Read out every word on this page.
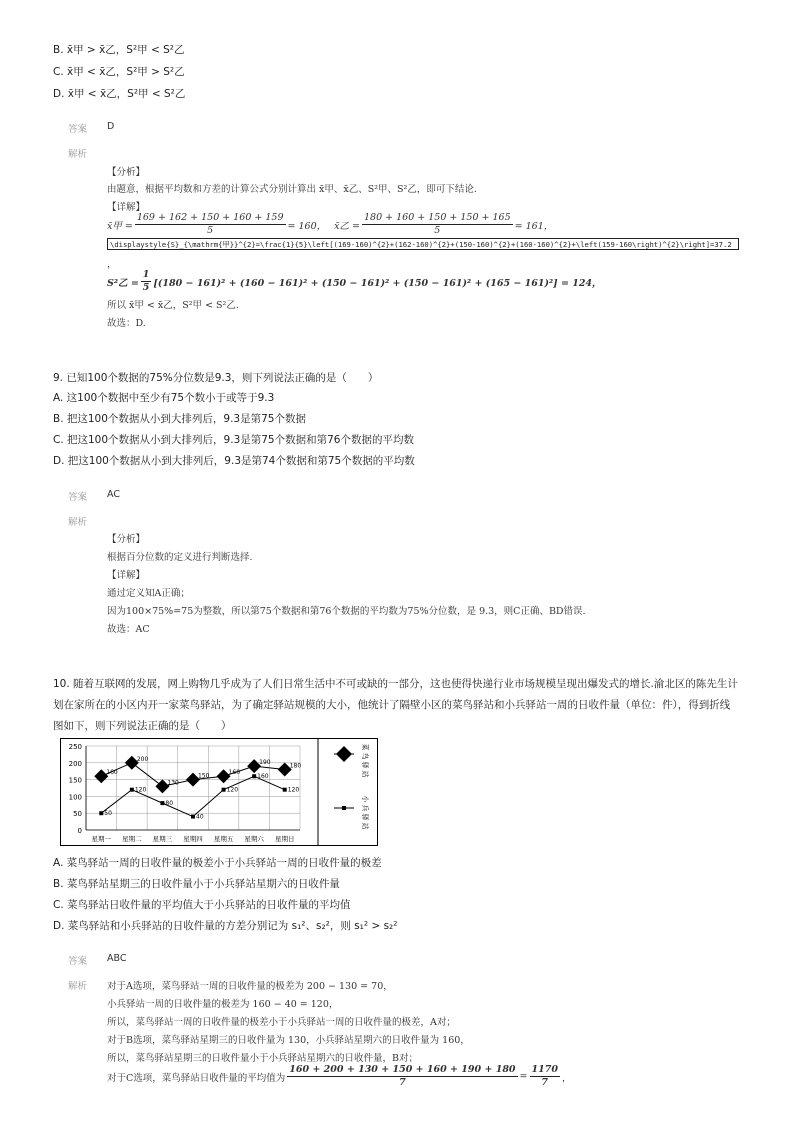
B. x̄甲 > x̄乙，S²甲 < S²乙
C. x̄甲 < x̄乙，S²甲 > S²乙
D. x̄甲 < x̄乙，S²甲 < S²乙
答案 D
解析
【分析】
由题意，根据平均数和方差的计算公式分别计算出 x̄甲、x̄乙、S²甲、S²乙，即可下结论.
【详解】
x̄甲 = $\frac{169 + 162 + 150 + 160 + 159}{5} = 160$， x̄乙 = $\frac{180 + 160 + 150 + 150 + 165}{5} = 161$，
\displaystyle{S}_{\mathrm{甲}}^{2}=\frac{1}{5}\left[(169-160)^{2}+(162-160)^{2}+(150-160)^{2}+(160-160)^{2}+\left(159-160\right)^{2}\right]=37.2
，
S²乙 = $\frac{1}{5} [(180 - 161)^2 + (160 - 161)^2 + (150 - 161)^2 + (150 - 161)^2 + (165 - 161)^2] = 124$，
所以 x̄甲 < x̄乙，S²甲 < S²乙.
故选：D.
9. 已知100个数据的75%分位数是9.3，则下列说法正确的是（　　）
A. 这100个数据中至少有75个数小于或等于9.3
B. 把这100个数据从小到大排列后，9.3是第75个数据
C. 把这100个数据从小到大排列后，9.3是第75个数据和第76个数据的平均数
D. 把这100个数据从小到大排列后，9.3是第74个数据和第75个数据的平均数
答案 AC
解析
【分析】
根据百分位数的定义进行判断选择.
【详解】
通过定义知A正确；
因为100×75%=75为整数，所以第75个数据和第76个数据的平均数为75%分位数，是 9.3，则C正确、BD错误.
故选：AC
10. 随着互联网的发展，网上购物几乎成为了人们日常生活中不可或缺的一部分，这也使得快递行业市场规模呈现出爆发式的增长.渝北区的陈先生计
划在家所在的小区内开一家菜鸟驿站，为了确定驿站规模的大小，他统计了隔壁小区的菜鸟驿站和小兵驿站一周的日收件量（单位：件），得到折线
图如下，则下列说法正确的是（　　）
0
50
100
150
200
250
星期一 星期二 星期三 星期四 星期五 星期六 星期日
160
200
130
150	160
190	180
50
120
80
40
120
160
120
菜
鸟
驿
站
小
兵
驿
站
A. 菜鸟驿站一周的日收件量的极差小于小兵驿站一周的日收件量的极差
B. 菜鸟驿站星期三的日收件量小于小兵驿站星期六的日收件量
C. 菜鸟驿站日收件量的平均值大于小兵驿站的日收件量的平均值
D. 菜鸟驿站和小兵驿站的日收件量的方差分别记为 s₁²、s₂²，则 s₁² > s₂²
答案 ABC
解析 对于A选项，菜鸟驿站一周的日收件量的极差为 200 − 130 = 70，
小兵驿站一周的日收件量的极差为 160 − 40 = 120，
所以，菜鸟驿站一周的日收件量的极差小于小兵驿站一周的日收件量的极差，A对；
对于B选项，菜鸟驿站星期三的日收件量为 130，小兵驿站星期六的日收件量为 160，
所以，菜鸟驿站星期三的日收件量小于小兵驿站星期六的日收件量，B对；
对于C选项，菜鸟驿站日收件量的平均值为 $\frac{160 + 200 + 130 + 150 + 160 + 190 + 180}{7} = \frac{1170}{7}$ ，
